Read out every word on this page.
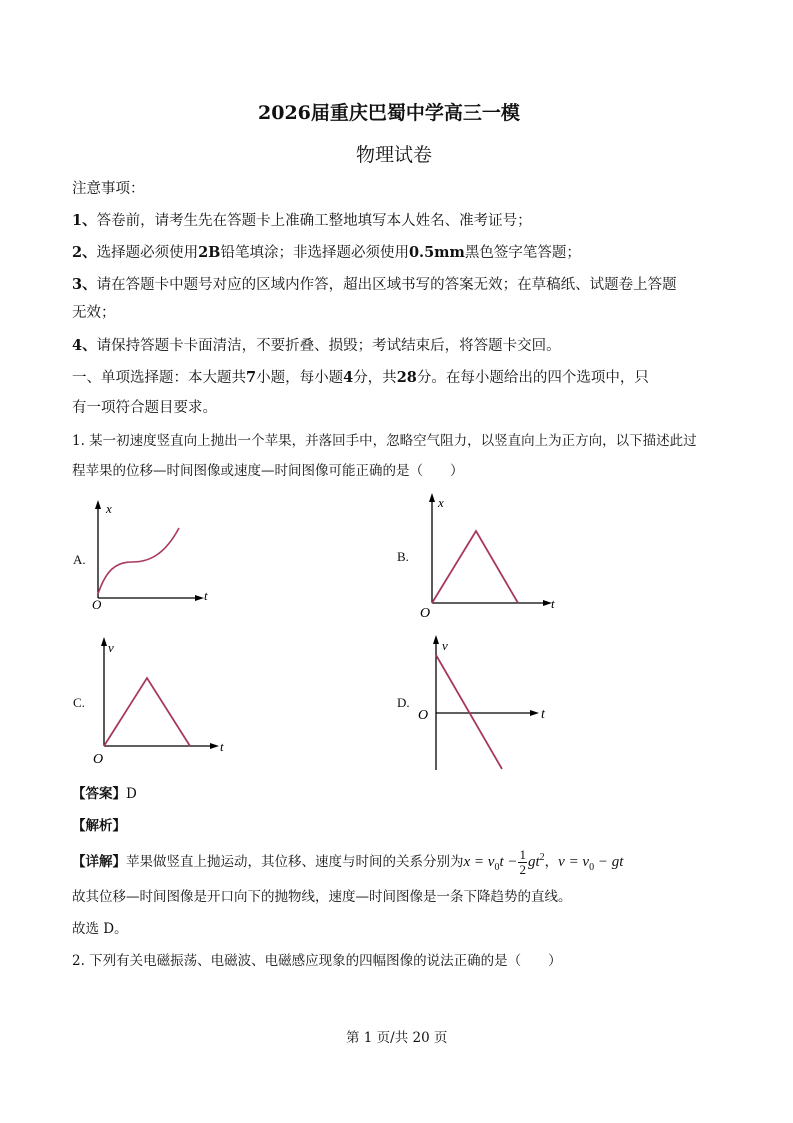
2026届重庆巴蜀中学高三一模
物理试卷
注意事项：
1、答卷前，请考生先在答题卡上准确工整地填写本人姓名、准考证号；
2、选择题必须使用2B铅笔填涂；非选择题必须使用0.5mm黑色签字笔答题；
3、请在答题卡中题号对应的区域内作答，超出区域书写的答案无效；在草稿纸、试题卷上答题
无效；
4、请保持答题卡卡面清洁，不要折叠、损毁；考试结束后，将答题卡交回。
一、单项选择题：本大题共7小题，每小题4分，共28分。在每小题给出的四个选项中，只
有一项符合题目要求。
1. 某一初速度竖直向上抛出一个苹果，并落回手中，忽略空气阻力，以竖直向上为正方向，以下描述此过
程苹果的位移—时间图像或速度—时间图像可能正确的是（　　）
A.
x
t
O
B.
x
t
O
C.
v
t
O
D.
v
t
O
【答案】D
【解析】
【详解】苹果做竖直上抛运动，其位移、速度与时间的关系分别为$x = v_0t - \frac{1}{2} gt^2$，$v = v_0$ − gt
故其位移—时间图像是开口向下的抛物线，速度—时间图像是一条下降趋势的直线。
故选 D。
2. 下列有关电磁振荡、电磁波、电磁感应现象的四幅图像的说法正确的是（　　）
第 1 页/共 20 页
